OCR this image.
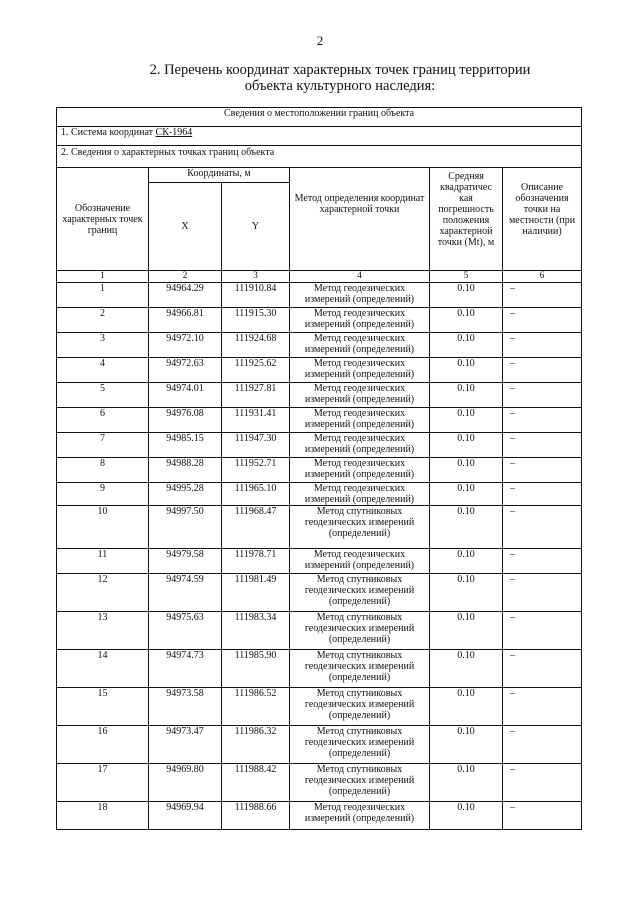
2
2. Перечень координат характерных точек границ территории
объекта культурного наследия:
Сведения о местоположении границ объекта					
1. Система координат СК-1964					
2. Сведения о характерных точках границ объекта					
Обозначение характерных точек границ	Координаты, м		Метод определения координат характерной точки	Средняя квадратичес кая погрешность положения характерной точки (Mt), м	Описание обозначения точки на местности (при наличии)
	X	Y			
1	2	3	4	5	6
1	94964.29	111910.84	Метод геодезических измерений (определений)	0.10	–
2	94966.81	111915.30	Метод геодезических измерений (определений)	0.10	–
3	94972.10	111924.68	Метод геодезических измерений (определений)	0.10	–
4	94972.63	111925.62	Метод геодезических измерений (определений)	0.10	–
5	94974.01	111927.81	Метод геодезических измерений (определений)	0.10	–
6	94976.08	111931.41	Метод геодезических измерений (определений)	0.10	–
7	94985.15	111947.30	Метод геодезических измерений (определений)	0.10	–
8	94988.28	111952.71	Метод геодезических измерений (определений)	0.10	–
9	94995.28	111965.10	Метод геодезических измерений (определений)	0.10	–
10	94997.50	111968.47	Метод спутниковых геодезических измерений (определений)	0.10	–
11	94979.58	111978.71	Метод геодезических измерений (определений)	0.10	–
12	94974.59	111981.49	Метод спутниковых геодезических измерений (определений)	0.10	–
13	94975.63	111983.34	Метод спутниковых геодезических измерений (определений)	0.10	–
14	94974.73	111985.90	Метод спутниковых геодезических измерений (определений)	0.10	–
15	94973.58	111986.52	Метод спутниковых геодезических измерений (определений)	0.10	–
16	94973.47	111986.32	Метод спутниковых геодезических измерений (определений)	0.10	–
17	94969.80	111988.42	Метод спутниковых геодезических измерений (определений)	0.10	–
18	94969.94	111988.66	Метод геодезических измерений (определений)	0.10	–
